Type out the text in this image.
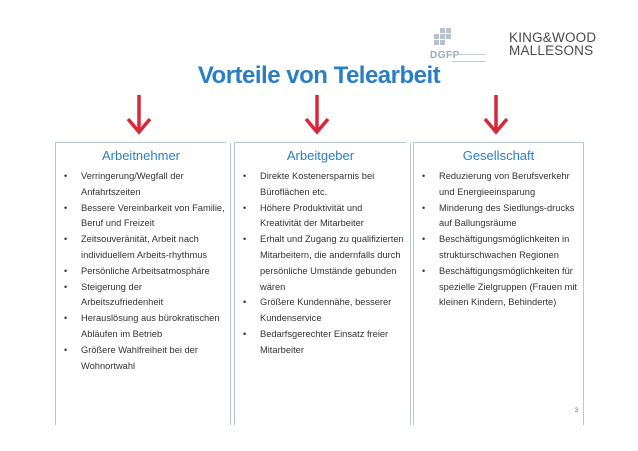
DGFP
KING&WOOD
MALLESONS
Vorteile von Telearbeit
Arbeitnehmer
• Verringerung/Wegfall der Anfahrtszeiten
• Bessere Vereinbarkeit von Familie, Beruf und Freizeit
• Zeitsouveränität, Arbeit nach individuellem Arbeits-rhythmus
• Persönliche Arbeitsatmosphäre
• Steigerung der Arbeitszufriedenheit
• Herauslösung aus bürokratischen Abläufen im Betrieb
• Größere Wahlfreiheit bei der Wohnortwahl
Arbeitgeber
• Direkte Kostenersparnis bei Büroflächen etc.
• Höhere Produktivität und Kreativität der Mitarbeiter
• Erhalt und Zugang zu qualifizierten Mitarbeitern, die andernfalls durch persönliche Umstände gebunden wären
• Größere Kundennähe, besserer Kundenservice
• Bedarfsgerechter Einsatz freier Mitarbeiter
Gesellschaft
• Reduzierung von Berufsverkehr und Energieeinsparung
• Minderung des Siedlungs-drucks auf Ballungsräume
• Beschäftigungsmöglichkeiten in strukturschwachen Regionen
• Beschäftigungsmöglichkeiten für spezielle Zielgruppen (Frauen mit kleinen Kindern, Behinderte)
3
